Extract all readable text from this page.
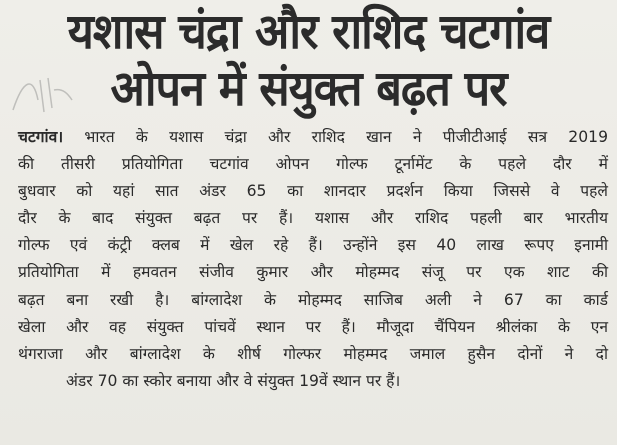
यशास चंद्रा और राशिद चटगांव
ओपन में संयुक्त बढ़त पर
चटगांव। भारत के यशास चंद्रा और राशिद खान ने पीजीटीआई सत्र 2019
की तीसरी प्रतियोगिता चटगांव ओपन गोल्फ टूर्नामेंट के पहले दौर में
बुधवार को यहां सात अंडर 65 का शानदार प्रदर्शन किया जिससे वे पहले
दौर के बाद संयुक्त बढ़त पर हैं। यशास और राशिद पहली बार भारतीय
गोल्फ एवं कंट्री क्लब में खेल रहे हैं। उन्होंने इस 40 लाख रूपए इनामी
प्रतियोगिता में हमवतन संजीव कुमार और मोहम्मद संजू पर एक शाट की
बढ़त बना रखी है। बांग्लादेश के मोहम्मद साजिब अली ने 67 का कार्ड
खेला और वह संयुक्त पांचवें स्थान पर हैं। मौजूदा चैंपियन श्रीलंका के एन
थंगराजा और बांग्लादेश के शीर्ष गोल्फर मोहम्मद जमाल हुसैन दोनों ने दो
अंडर 70 का स्कोर बनाया और वे संयुक्त 19वें स्थान पर हैं।
